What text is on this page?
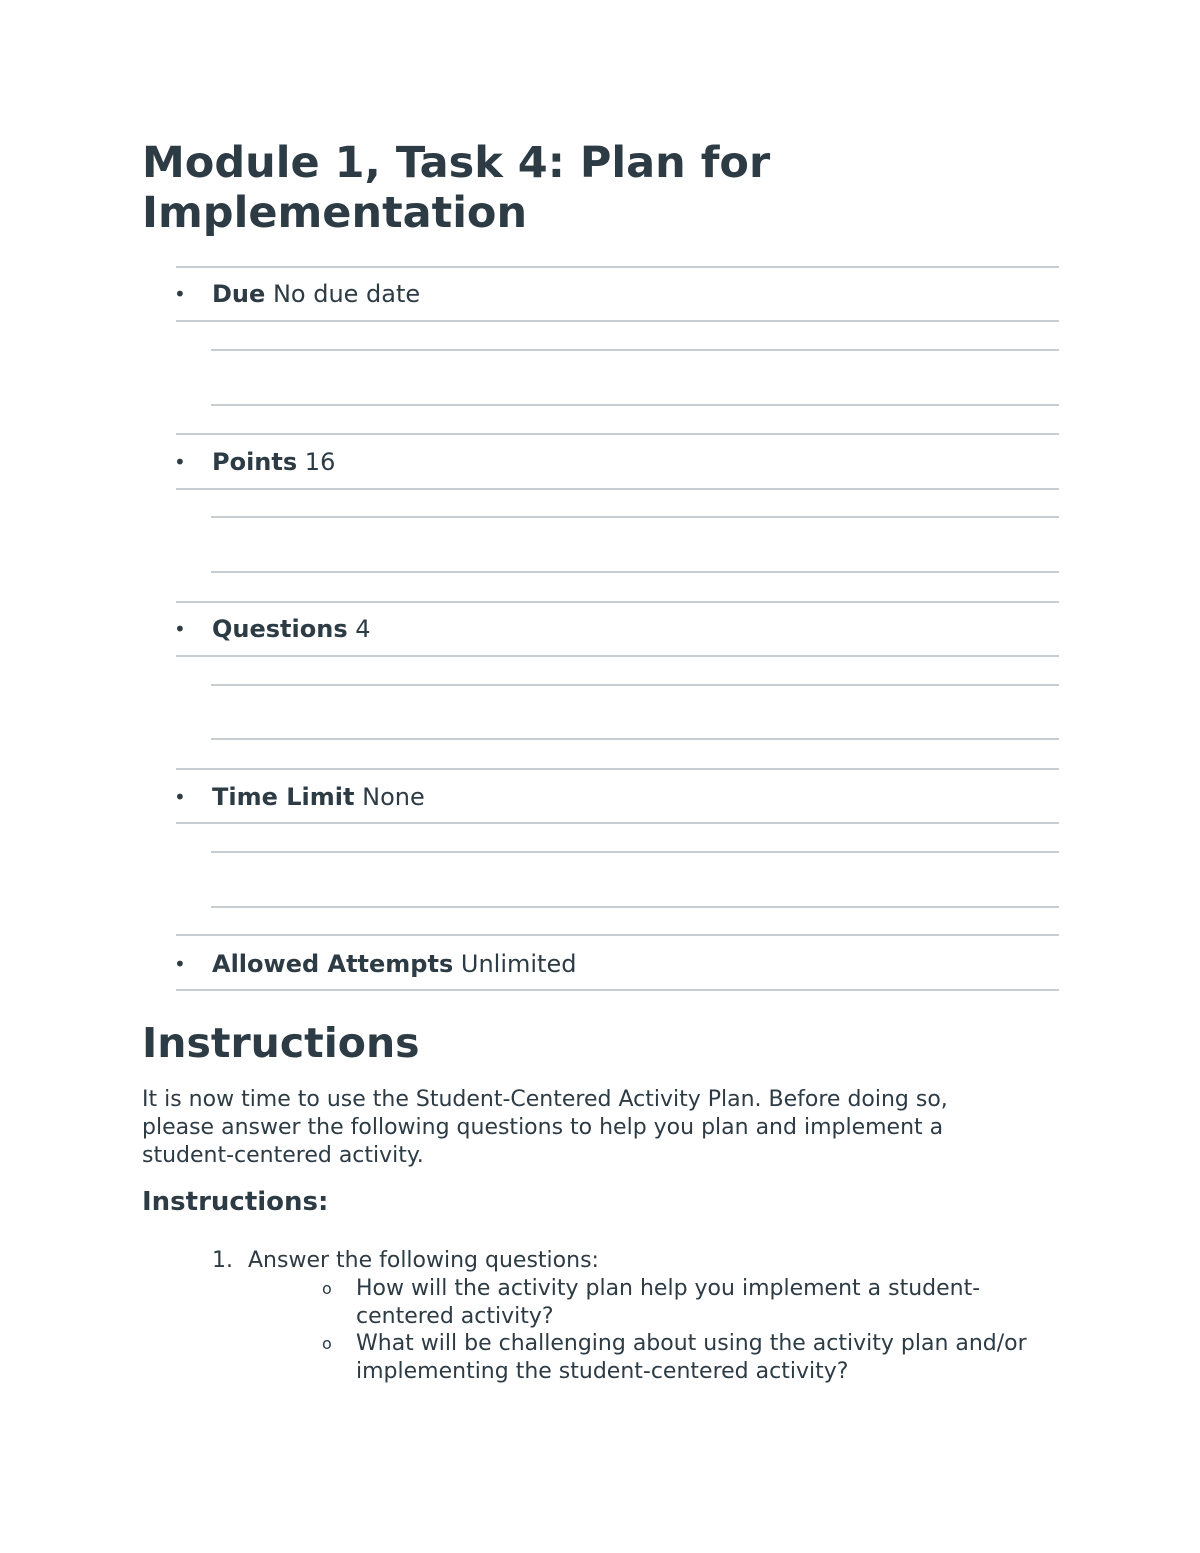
Module 1, Task 4: Plan for Implementation
• Due No due date
• Points 16
• Questions 4
• Time Limit None
• Allowed Attempts Unlimited
Instructions

It is now time to use the Student-Centered Activity Plan. Before doing so, please answer the following questions to help you plan and implement a student-centered activity.

Instructions:
1. Answer the following questions:
o How will the activity plan help you implement a student-centered activity?
o What will be challenging about using the activity plan and/or implementing the student-centered activity?
